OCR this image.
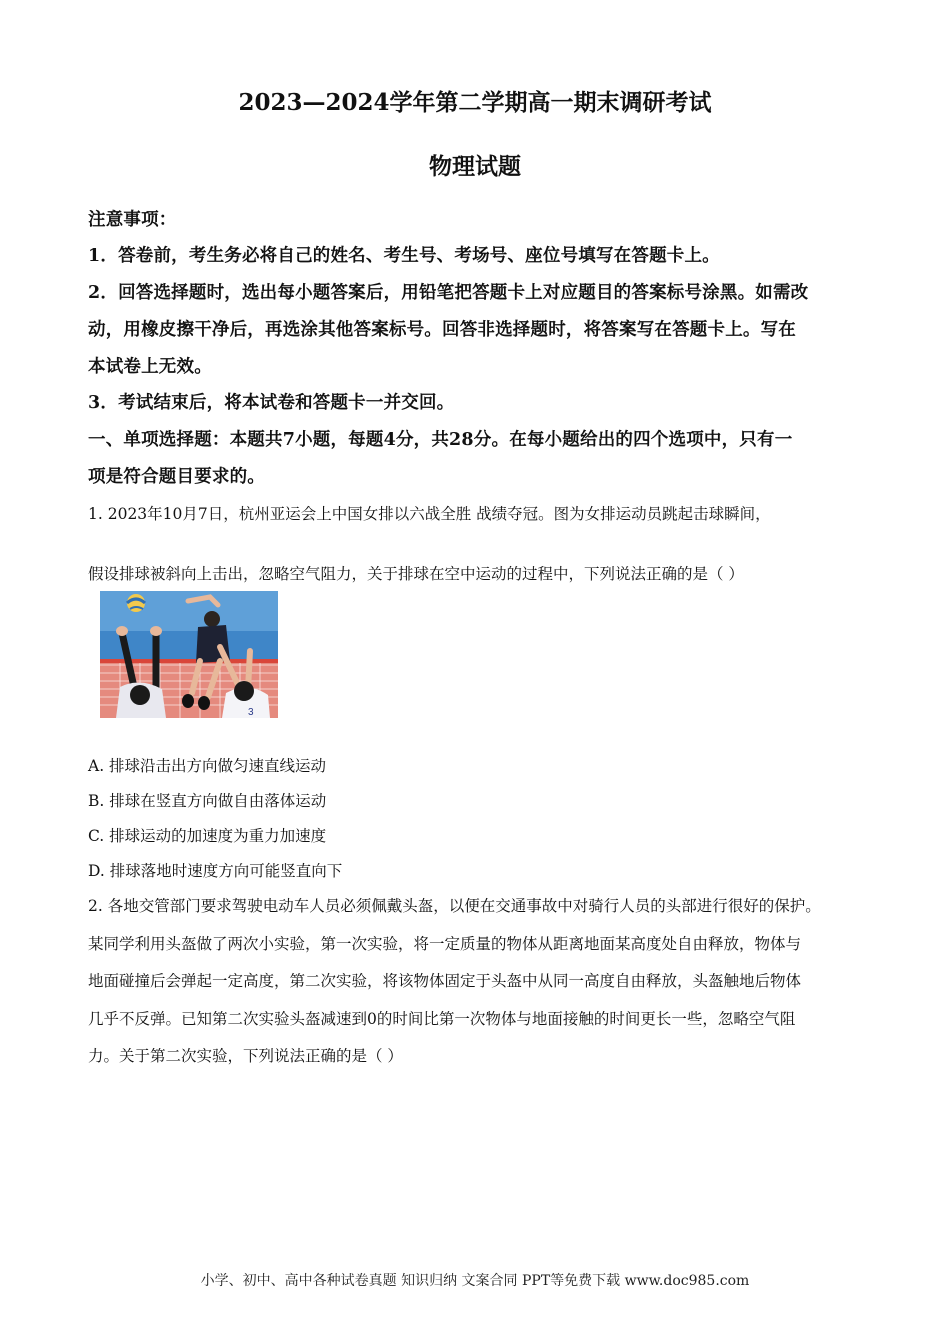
2023—2024学年第二学期高一期末调研考试
物理试题
注意事项：
1．答卷前，考生务必将自己的姓名、考生号、考场号、座位号填写在答题卡上。
2．回答选择题时，选出每小题答案后，用铅笔把答题卡上对应题目的答案标号涂黑。如需改
动，用橡皮擦干净后，再选涂其他答案标号。回答非选择题时，将答案写在答题卡上。写在
本试卷上无效。
3．考试结束后，将本试卷和答题卡一并交回。
一、单项选择题：本题共7小题，每题4分，共28分。在每小题给出的四个选项中，只有一
项是符合题目要求的。
1. 2023年10月7日，杭州亚运会上中国女排以六战全胜 战绩夺冠。图为女排运动员跳起击球瞬间，
假设排球被斜向上击出，忽略空气阻力，关于排球在空中运动的过程中，下列说法正确的是（ ）
3
A. 排球沿击出方向做匀速直线运动
B. 排球在竖直方向做自由落体运动
C. 排球运动的加速度为重力加速度
D. 排球落地时速度方向可能竖直向下
2. 各地交管部门要求驾驶电动车人员必须佩戴头盔，以便在交通事故中对骑行人员的头部进行很好的保护。
某同学利用头盔做了两次小实验，第一次实验，将一定质量的物体从距离地面某高度处自由释放，物体与
地面碰撞后会弹起一定高度，第二次实验，将该物体固定于头盔中从同一高度自由释放，头盔触地后物体
几乎不反弹。已知第二次实验头盔减速到0的时间比第一次物体与地面接触的时间更长一些，忽略空气阻
力。关于第二次实验，下列说法正确的是（ ）
小学、初中、高中各种试卷真题 知识归纳 文案合同 PPT等免费下载 www.doc985.com
